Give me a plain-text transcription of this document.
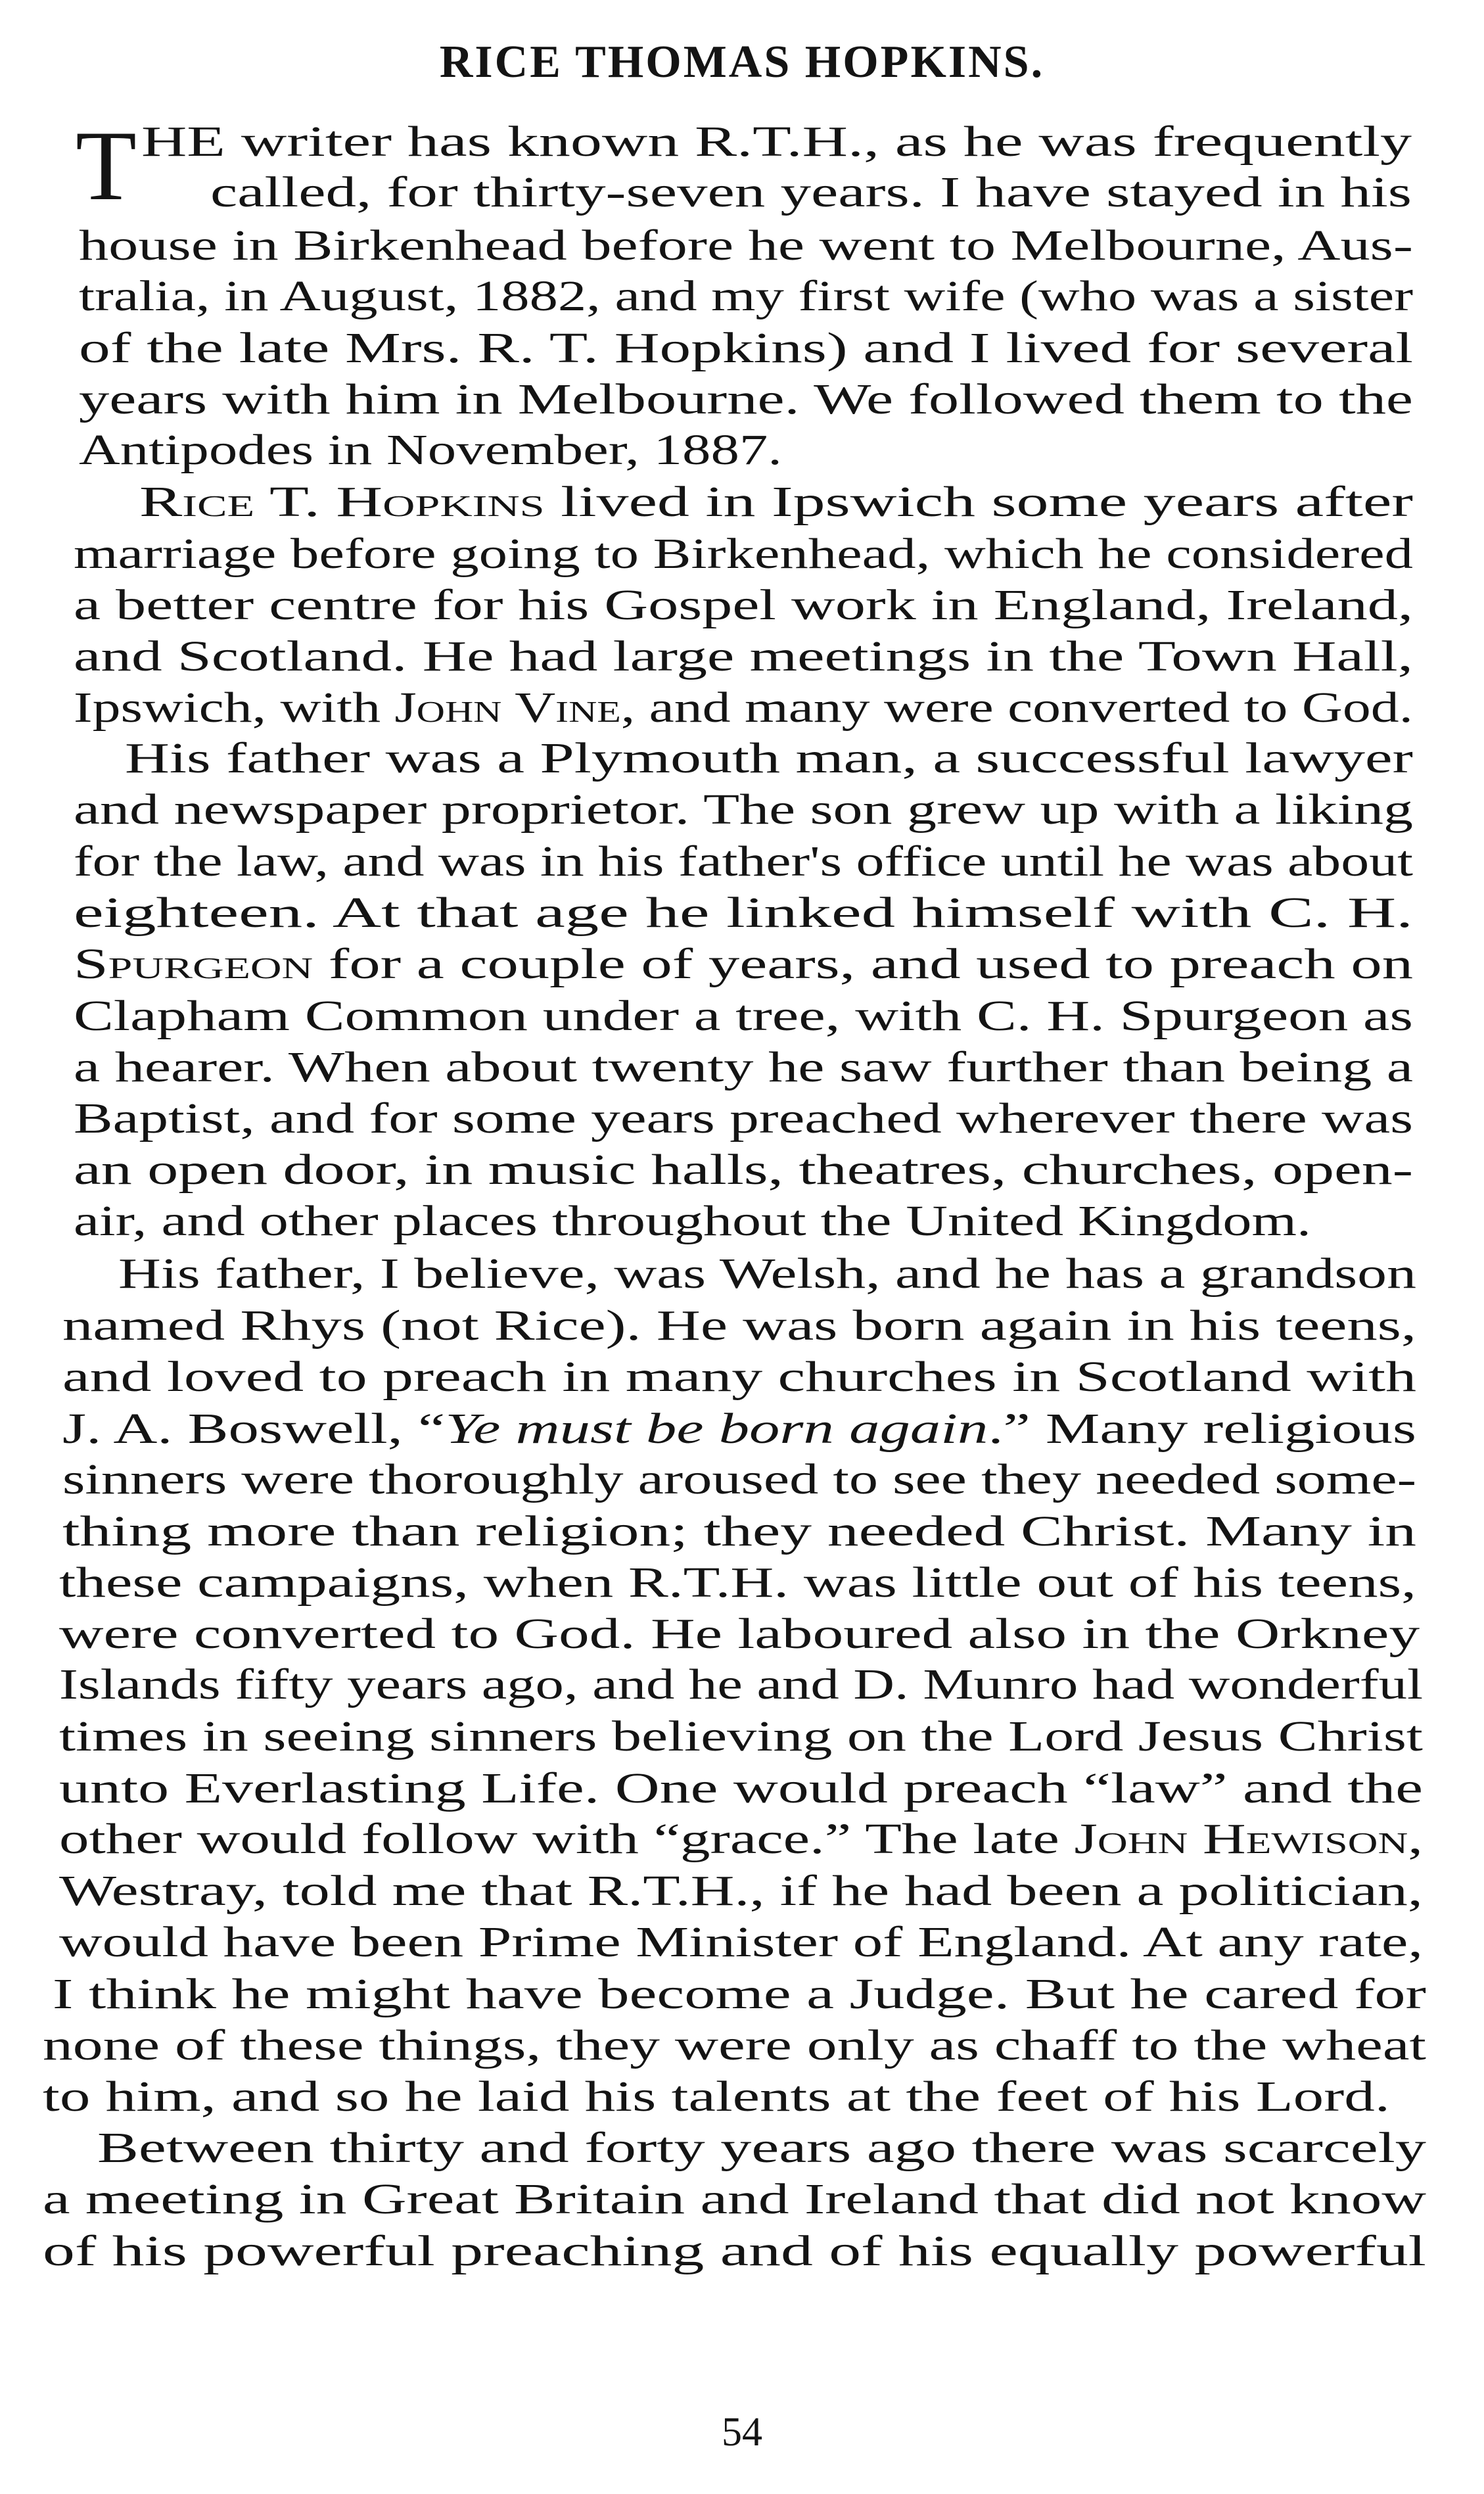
RICE THOMAS HOPKINS.
T HE writer has known R.T.H., as he was frequently
called, for thirty-seven years. I have stayed in his
house in Birkenhead before he went to Melbourne, Aus-
tralia, in August, 1882, and my first wife (who was a sister
of the late Mrs. R. T. Hopkins) and I lived for several
years with him in Melbourne. We followed them to the
Antipodes in November, 1887.
Rice T. Hopkins lived in Ipswich some years after
marriage before going to Birkenhead, which he considered
a better centre for his Gospel work in England, Ireland,
and Scotland. He had large meetings in the Town Hall,
Ipswich, with John Vine, and many were converted to God.
His father was a Plymouth man, a successful lawyer
and newspaper proprietor. The son grew up with a liking
for the law, and was in his father's office until he was about
eighteen. At that age he linked himself with C. H.
Spurgeon for a couple of years, and used to preach on
Clapham Common under a tree, with C. H. Spurgeon as
a hearer. When about twenty he saw further than being a
Baptist, and for some years preached wherever there was
an open door, in music halls, theatres, churches, open-
air, and other places throughout the United Kingdom.
His father, I believe, was Welsh, and he has a grandson
named Rhys (not Rice). He was born again in his teens,
and loved to preach in many churches in Scotland with
J. A. Boswell, “Ye must be born again.” Many religious
sinners were thoroughly aroused to see they needed some-
thing more than religion; they needed Christ. Many in
these campaigns, when R.T.H. was little out of his teens,
were converted to God. He laboured also in the Orkney
Islands fifty years ago, and he and D. Munro had wonderful
times in seeing sinners believing on the Lord Jesus Christ
unto Everlasting Life. One would preach “law” and the
other would follow with “grace.” The late John Hewison,
Westray, told me that R.T.H., if he had been a politician,
would have been Prime Minister of England. At any rate,
I think he might have become a Judge. But he cared for
none of these things, they were only as chaff to the wheat
to him, and so he laid his talents at the feet of his Lord.
Between thirty and forty years ago there was scarcely
a meeting in Great Britain and Ireland that did not know
of his powerful preaching and of his equally powerful
54
